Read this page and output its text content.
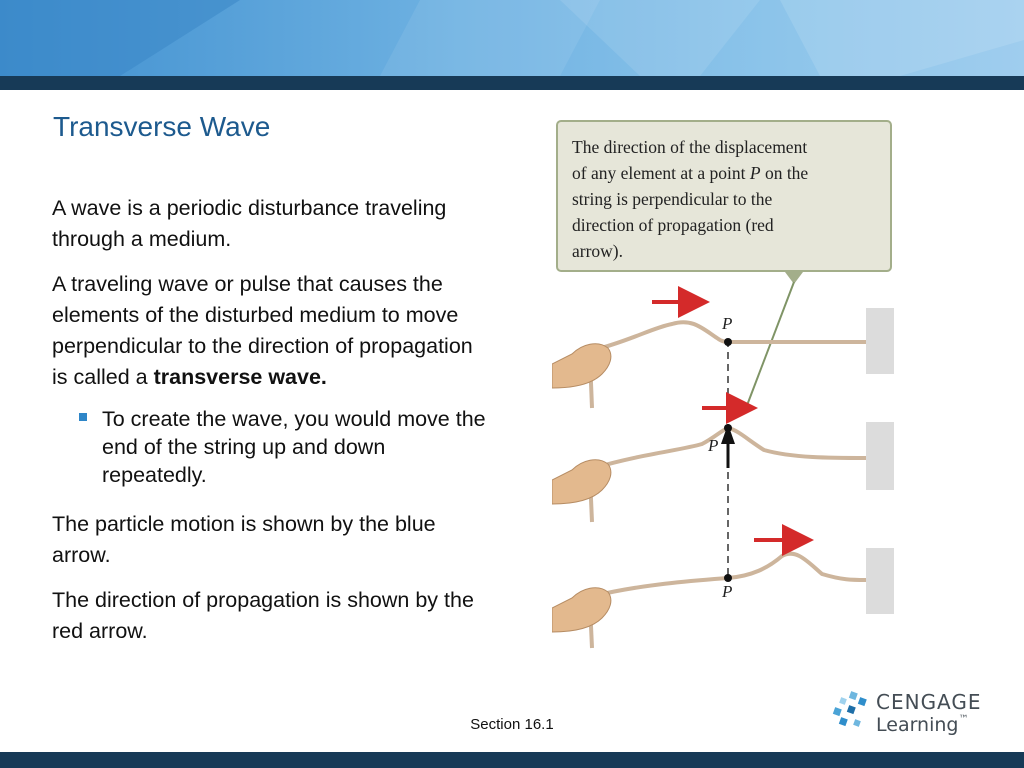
Transverse Wave

A wave is a periodic disturbance traveling through a medium.

A traveling wave or pulse that causes the elements of the disturbed medium to move perpendicular to the direction of propagation is called a transverse wave.

To create the wave, you would move the end of the string up and down repeatedly.

The particle motion is shown by the blue arrow.

The direction of propagation is shown by the red arrow.

The direction of the displacement
of any element at a point P on the
string is perpendicular to the
direction of propagation (red
arrow).
P
P
P
CENGAGE
Learning™
Section 16.1
